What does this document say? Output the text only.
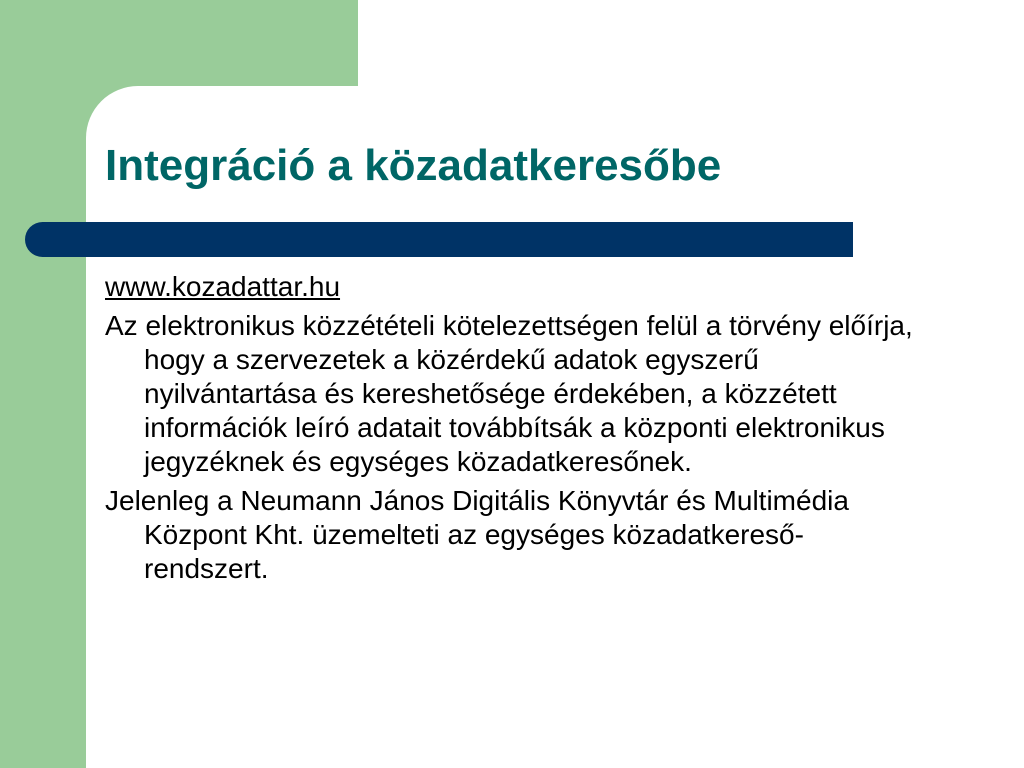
Integráció a közadatkeresőbe

www.kozadattar.hu

Az elektronikus közzétételi kötelezettségen felül a törvény előírja, hogy a szervezetek a közérdekű adatok egyszerű nyilvántartása és kereshetősége érdekében, a közzétett információk leíró adatait továbbítsák a központi elektronikus jegyzéknek és egységes közadatkeresőnek.

Jelenleg a Neumann János Digitális Könyvtár és Multimédia Központ Kht. üzemelteti az egységes közadatkereső-rendszert.
